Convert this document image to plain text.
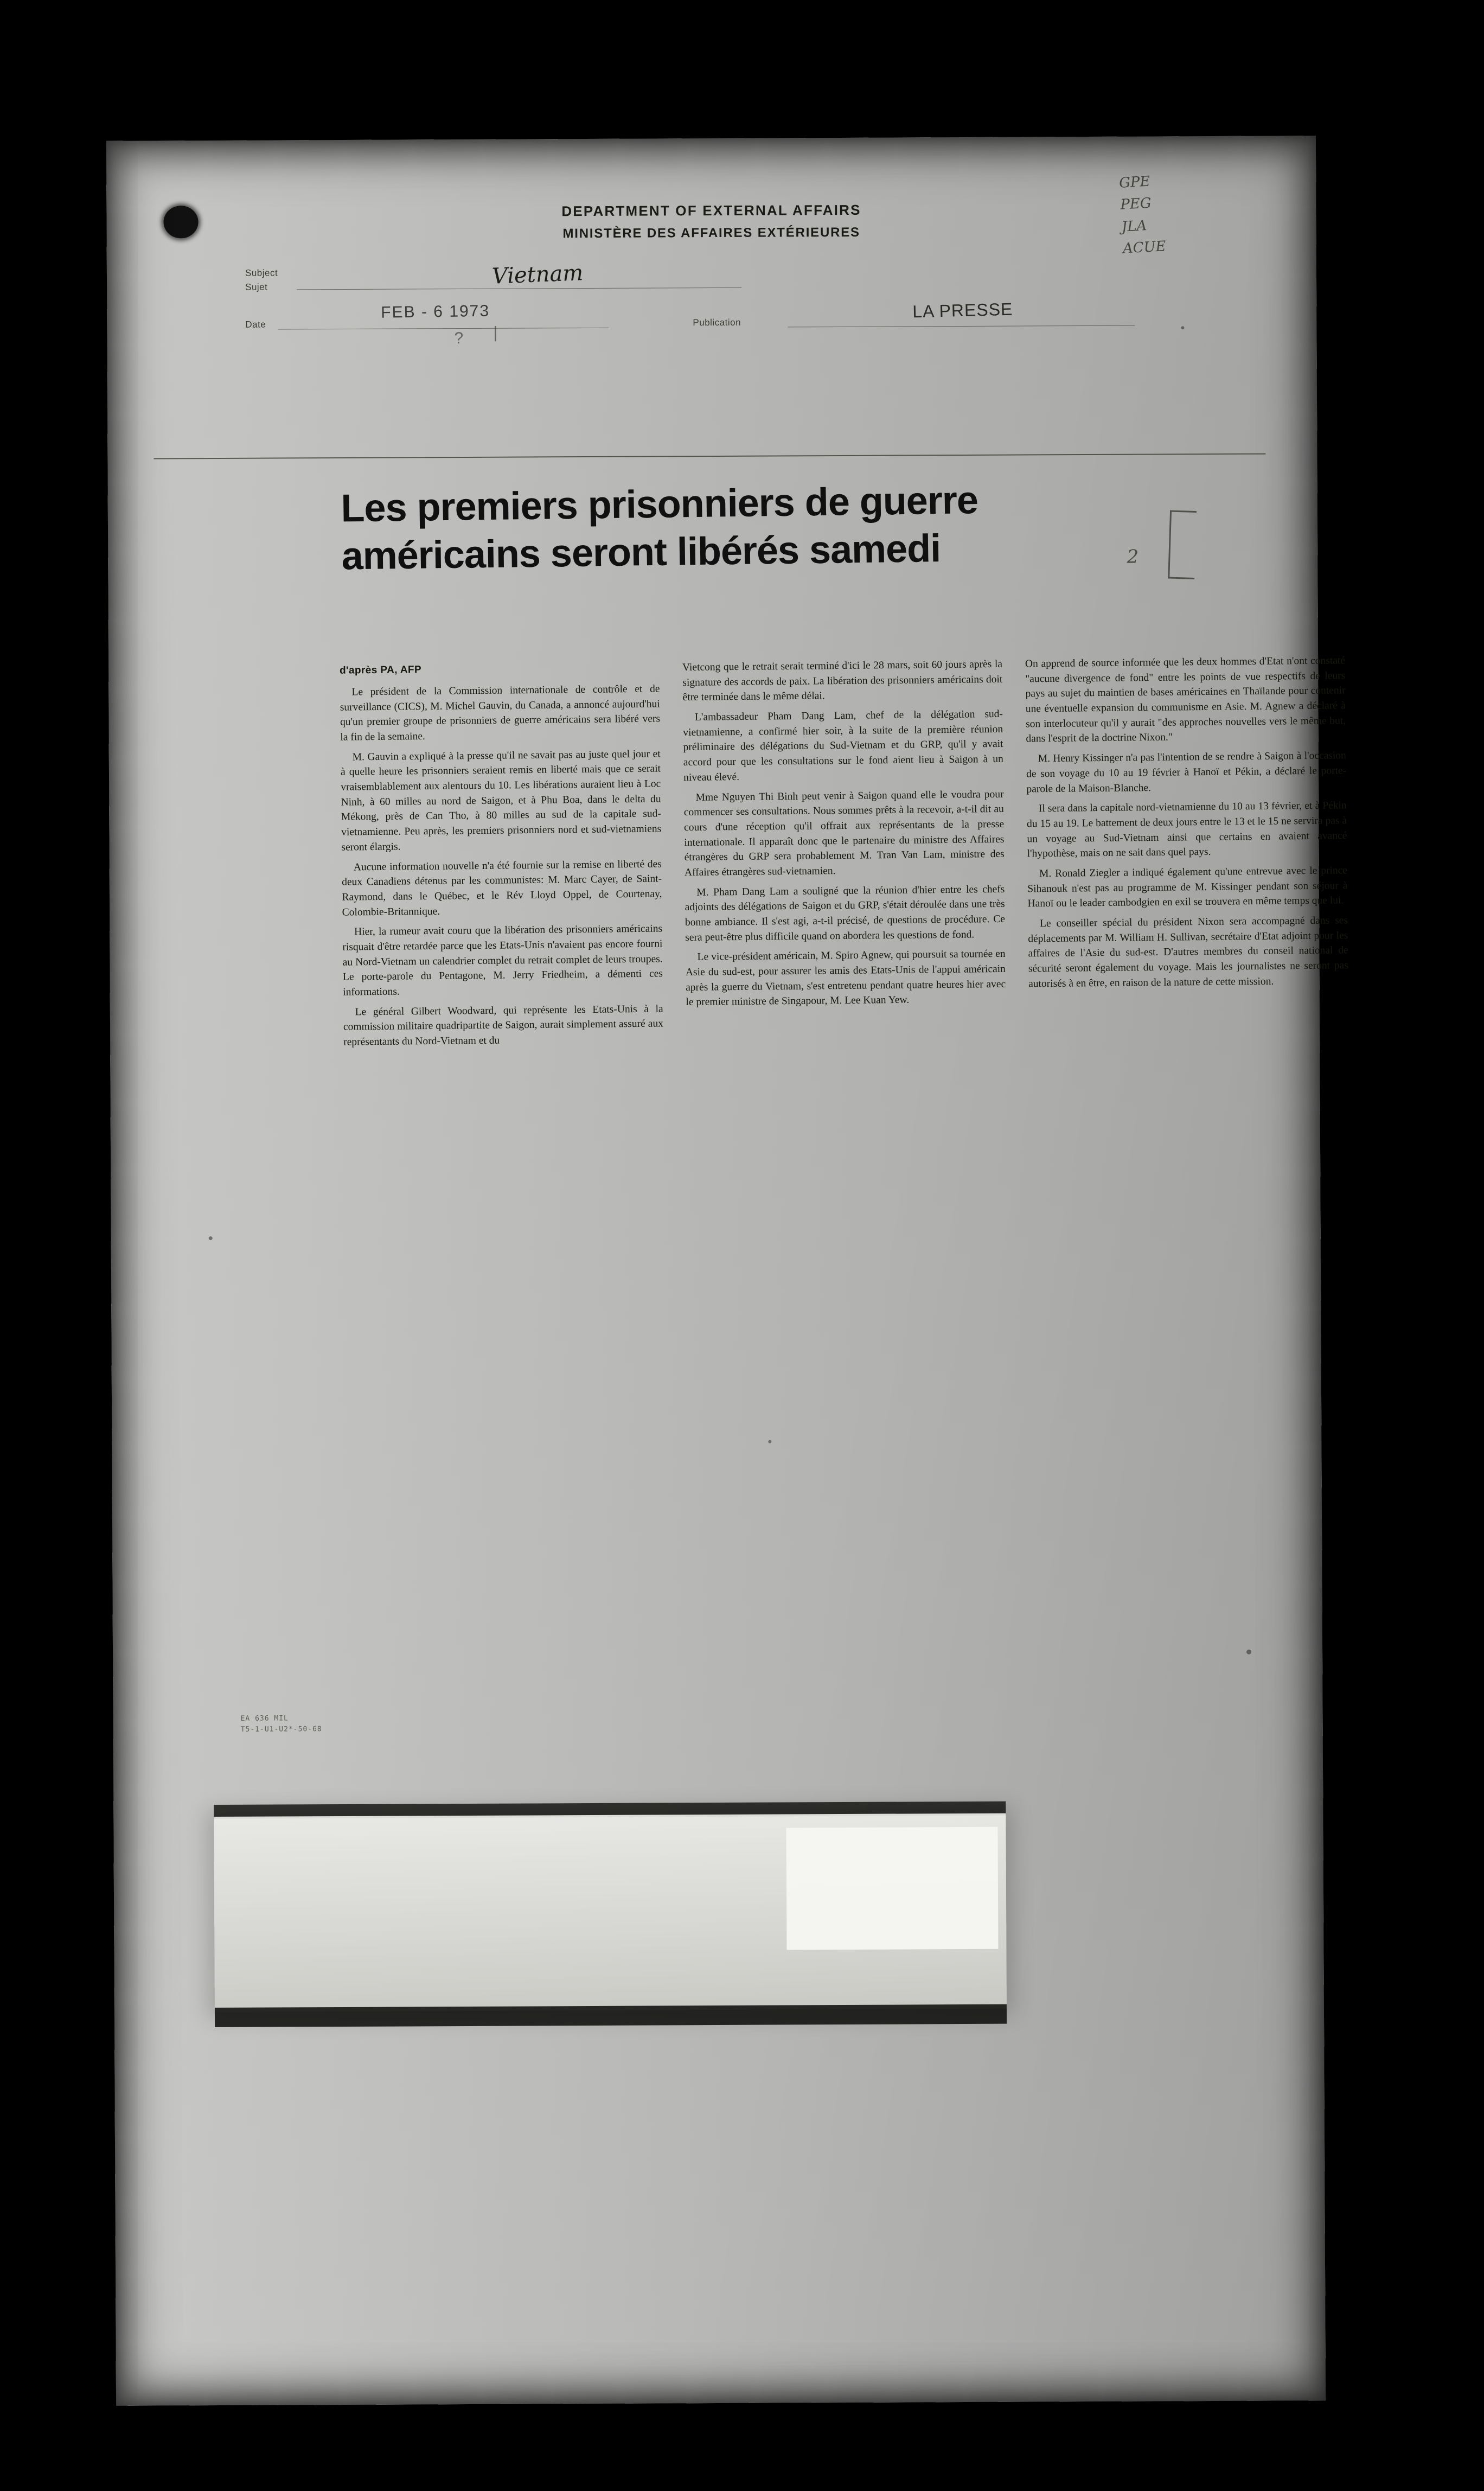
DEPARTMENT OF EXTERNAL AFFAIRS
MINISTÈRE DES AFFAIRES EXTÉRIEURES
GPE
PEG
JLA
ACUE
Subject
Sujet	Vietnam
Date
FEB - 6 1973
Publication
LA PRESSE
? |
Les premiers prisonniers de guerre américains seront libérés samedi	2
d'après PA, AFP

Le président de la Commission internationale de contrôle et de surveillance (CICS), M. Michel Gauvin, du Canada, a annoncé aujourd'hui qu'un premier groupe de prisonniers de guerre américains sera libéré vers la fin de la semaine.

M. Gauvin a expliqué à la presse qu'il ne savait pas au juste quel jour et à quelle heure les prisonniers seraient remis en liberté mais que ce serait vraisemblablement aux alentours du 10. Les libérations auraient lieu à Loc Ninh, à 60 milles au nord de Saigon, et à Phu Boa, dans le delta du Mékong, près de Can Tho, à 80 milles au sud de la capitale sud-vietnamienne. Peu après, les premiers prisonniers nord et sud-vietnamiens seront élargis.

Aucune information nouvelle n'a été fournie sur la remise en liberté des deux Canadiens détenus par les communistes: M. Marc Cayer, de Saint-Raymond, dans le Québec, et le Rév Lloyd Oppel, de Courtenay, Colombie-Britannique.

Hier, la rumeur avait couru que la libération des prisonniers américains risquait d'être retardée parce que les Etats-Unis n'avaient pas encore fourni au Nord-Vietnam un calendrier complet du retrait complet de leurs troupes. Le porte-parole du Pentagone, M. Jerry Friedheim, a démenti ces informations.

Le général Gilbert Woodward, qui représente les Etats-Unis à la commission militaire quadripartite de Saigon, aurait simplement assuré aux représentants du Nord-Vietnam et du

Vietcong que le retrait serait terminé d'ici le 28 mars, soit 60 jours après la signature des accords de paix. La libération des prisonniers américains doit être terminée dans le même délai.

L'ambassadeur Pham Dang Lam, chef de la délégation sud-vietnamienne, a confirmé hier soir, à la suite de la première réunion préliminaire des délégations du Sud-Vietnam et du GRP, qu'il y avait accord pour que les consultations sur le fond aient lieu à Saigon à un niveau élevé.

Mme Nguyen Thi Binh peut venir à Saigon quand elle le voudra pour commencer ses consultations. Nous sommes prêts à la recevoir, a-t-il dit au cours d'une réception qu'il offrait aux représentants de la presse internationale. Il apparaît donc que le partenaire du ministre des Affaires étrangères du GRP sera probablement M. Tran Van Lam, ministre des Affaires étrangères sud-vietnamien.

M. Pham Dang Lam a souligné que la réunion d'hier entre les chefs adjoints des délégations de Saigon et du GRP, s'était déroulée dans une très bonne ambiance. Il s'est agi, a-t-il précisé, de questions de procédure. Ce sera peut-être plus difficile quand on abordera les questions de fond.

Le vice-président américain, M. Spiro Agnew, qui poursuit sa tournée en Asie du sud-est, pour assurer les amis des Etats-Unis de l'appui américain après la guerre du Vietnam, s'est entretenu pendant quatre heures hier avec le premier ministre de Singapour, M. Lee Kuan Yew.

On apprend de source informée que les deux hommes d'Etat n'ont constaté "aucune divergence de fond" entre les points de vue respectifs de leurs pays au sujet du maintien de bases américaines en Thaïlande pour contenir une éventuelle expansion du communisme en Asie. M. Agnew a déclaré à son interlocuteur qu'il y aurait "des approches nouvelles vers le même but, dans l'esprit de la doctrine Nixon."

M. Henry Kissinger n'a pas l'intention de se rendre à Saigon à l'occasion de son voyage du 10 au 19 février à Hanoï et Pékin, a déclaré le porte-parole de la Maison-Blanche.

Il sera dans la capitale nord-vietnamienne du 10 au 13 février, et à Pékin du 15 au 19. Le battement de deux jours entre le 13 et le 15 ne servira pas à un voyage au Sud-Vietnam ainsi que certains en avaient avancé l'hypothèse, mais on ne sait dans quel pays.

M. Ronald Ziegler a indiqué également qu'une entrevue avec le prince Sihanouk n'est pas au programme de M. Kissinger pendant son séjour à Hanoï ou le leader cambodgien en exil se trouvera en même temps que lui.

Le conseiller spécial du président Nixon sera accompagné dans ses déplacements par M. William H. Sullivan, secrétaire d'Etat adjoint pour les affaires de l'Asie du sud-est. D'autres membres du conseil national de sécurité seront également du voyage. Mais les journalistes ne seront pas autorisés à en être, en raison de la nature de cette mission.

EA 636 MIL
T5-1-U1-U2*-50-68
